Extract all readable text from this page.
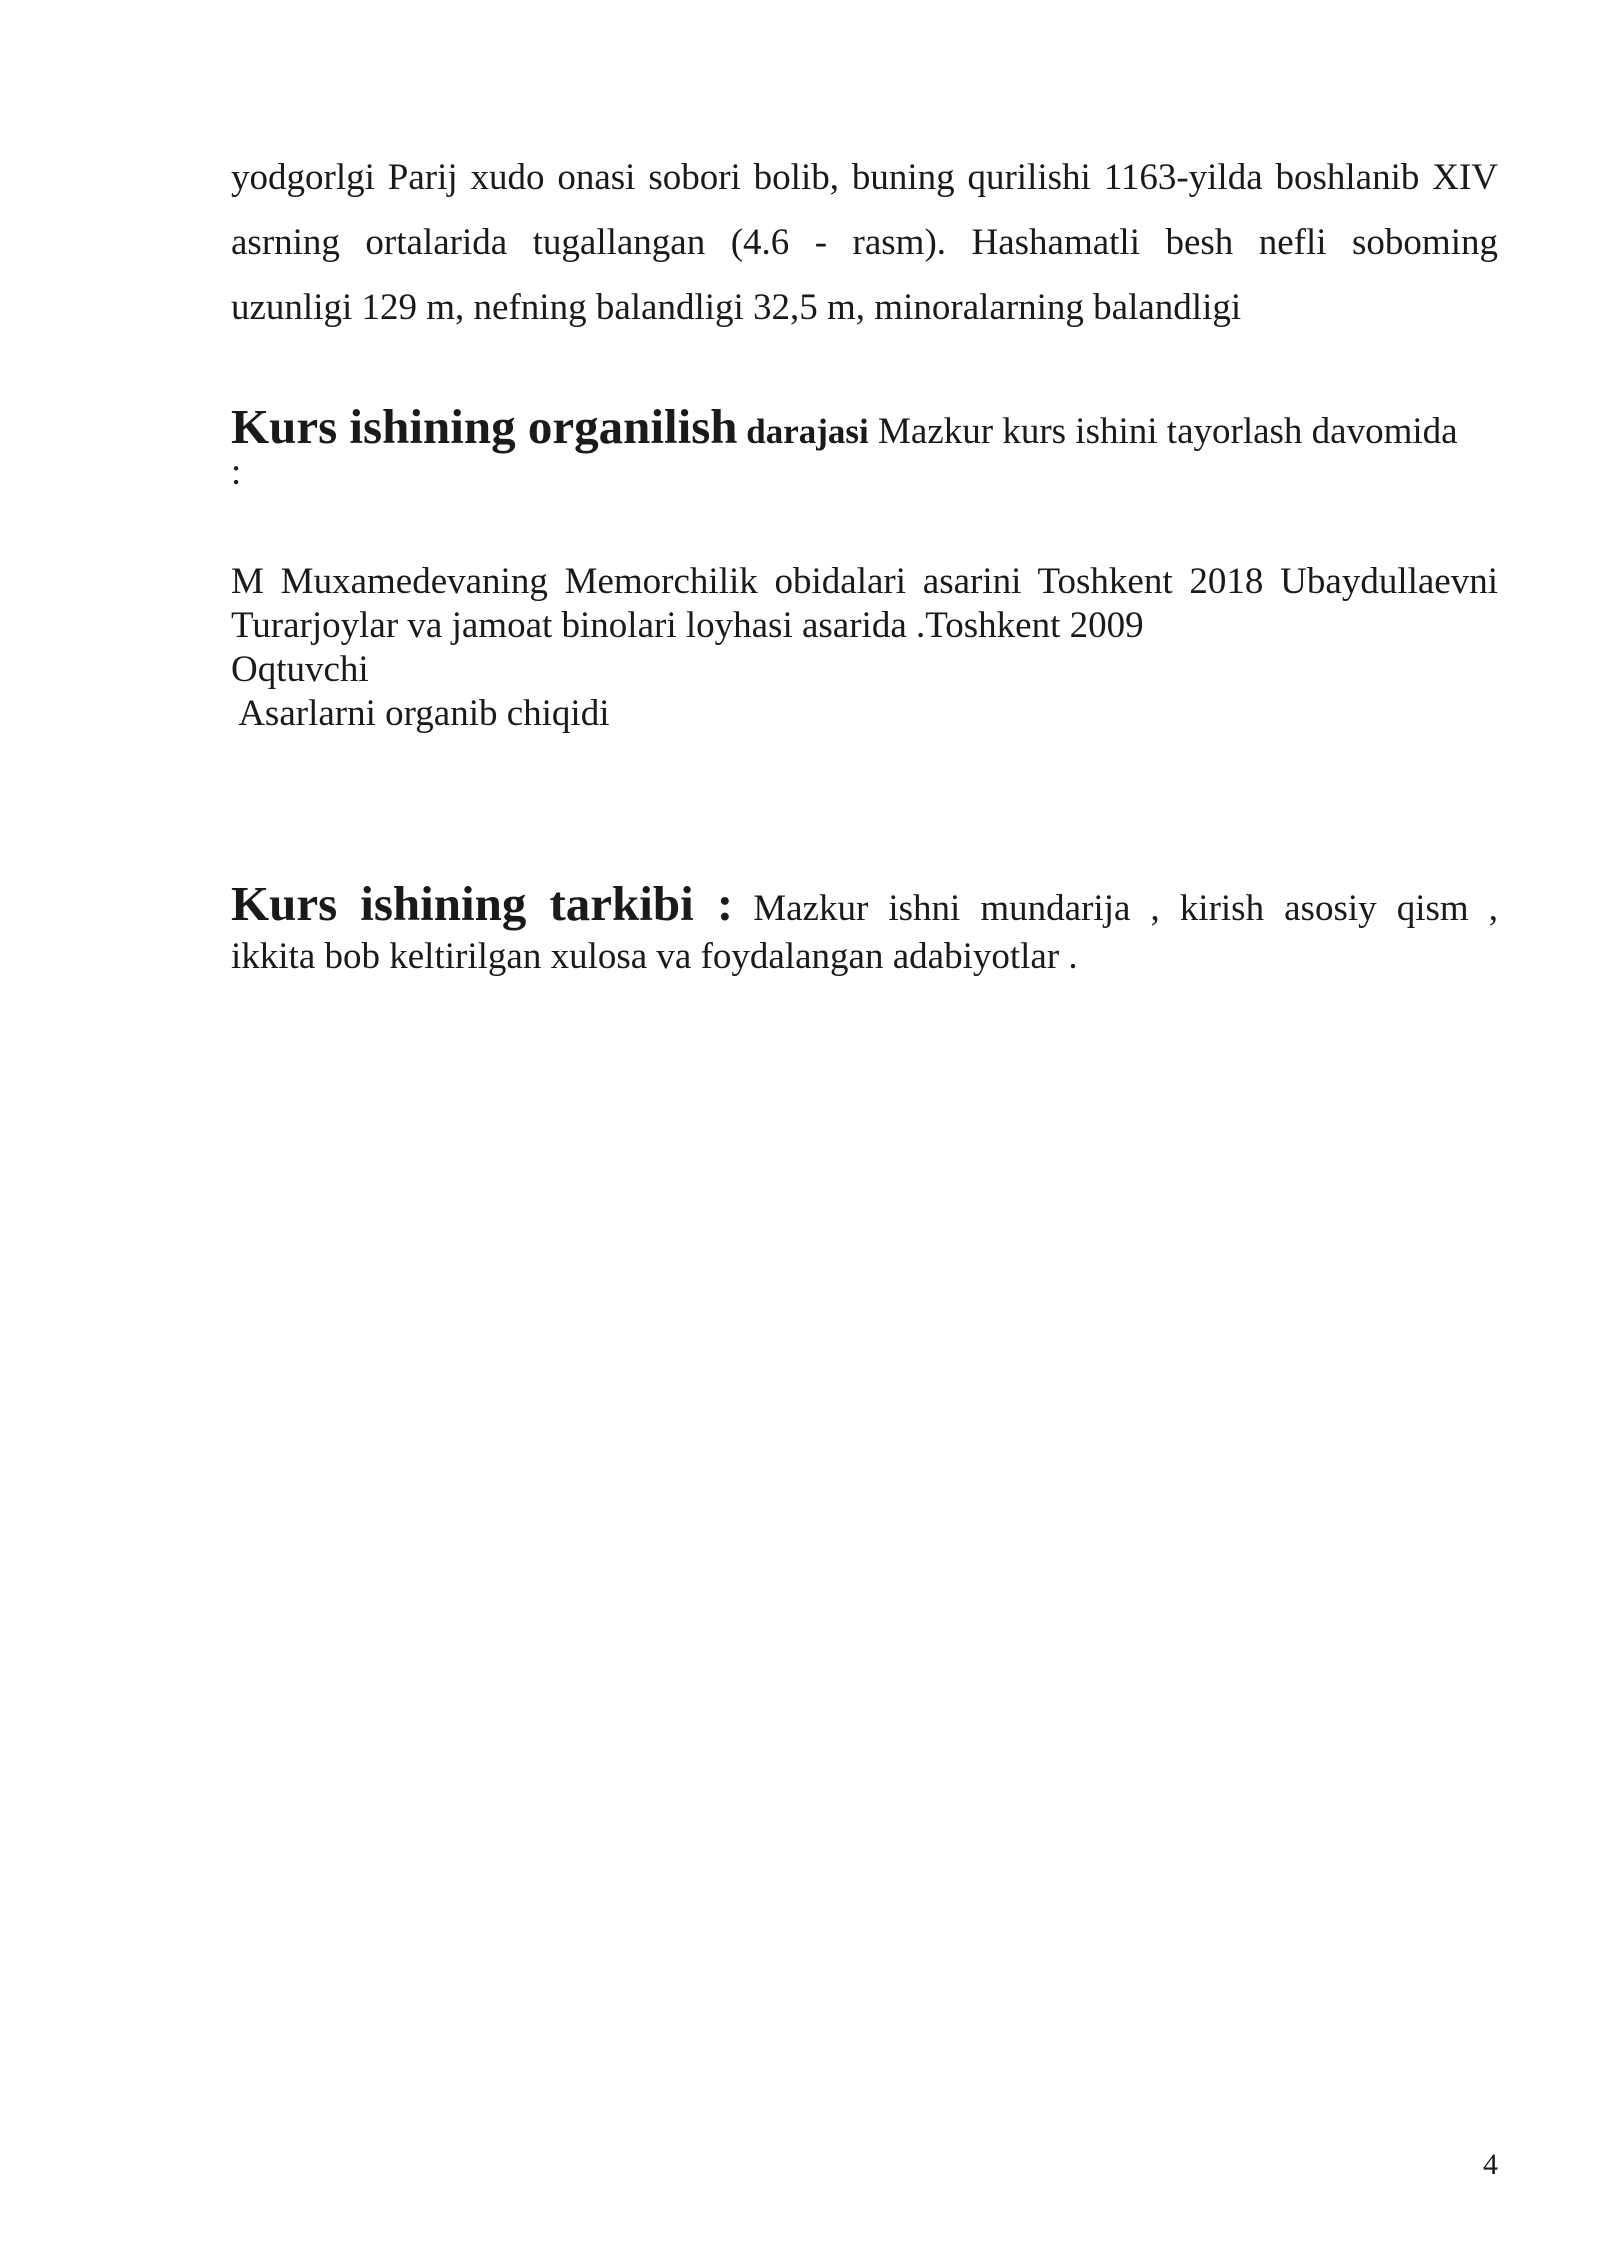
yodgorlgi Parij xudo onasi sobori bolib, buning qurilishi 1163-yilda boshlanib XIV
asrning ortalarida tugallangan (4.6 - rasm). Hashamatli besh nefli soboming
uzunligi 129 m, nefning balandligi 32,5 m, minoralarning balandligi
Kurs ishining organilish darajasi Mazkur kurs ishini tayorlash davomida
:
M Muxamedevaning Memorchilik obidalari asarini Toshkent 2018 Ubaydullaevni
Turarjoylar va jamoat binolari loyhasi asarida .Toshkent 2009
Oqtuvchi
Asarlarni organib chiqidi
Kurs ishining tarkibi : Mazkur ishni mundarija , kirish asosiy qism ,
ikkita bob keltirilgan xulosa va foydalangan adabiyotlar .
4
